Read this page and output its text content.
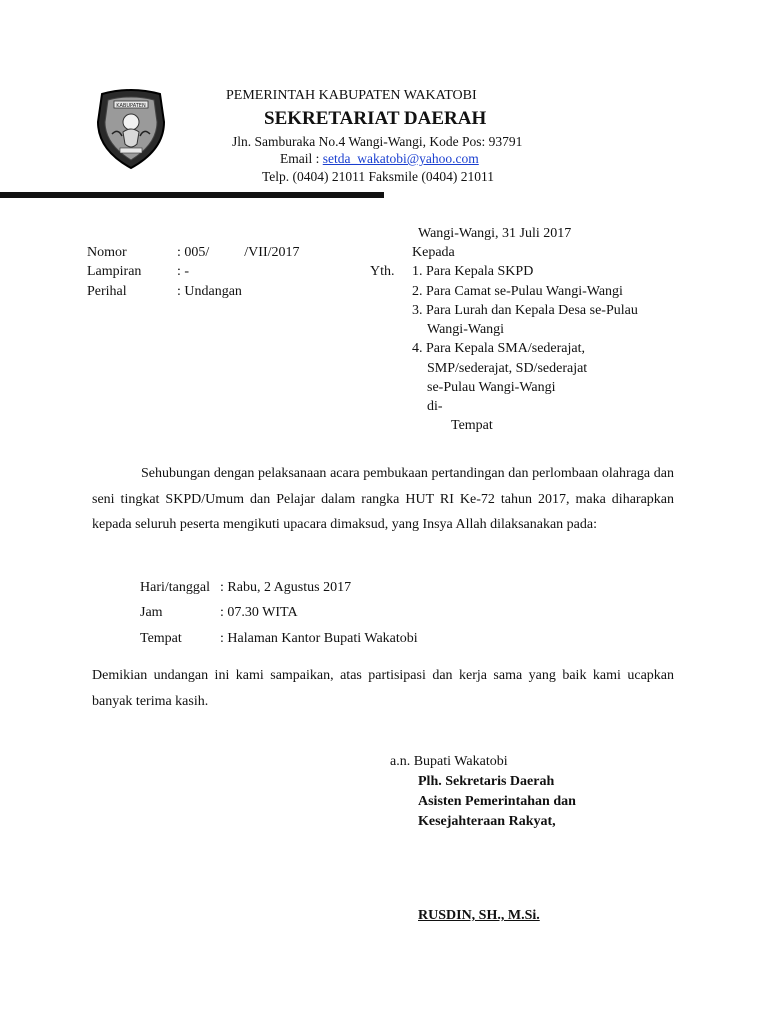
KABUPATEN
PEMERINTAH KABUPATEN WAKATOBI
SEKRETARIAT DAERAH
Jln. Samburaka No.4 Wangi-Wangi, Kode Pos: 93791
Email : setda_wakatobi@yahoo.com
Telp. (0404) 21011 Faksmile (0404) 21011
Wangi-Wangi, 31 Juli 2017
Nomor	: 005/          /VII/2017
Lampiran	: -
Perihal	: Undangan
Kepada
Yth. 1. Para Kepala SKPD
2. Para Camat se-Pulau Wangi-Wangi
3. Para Lurah dan Kepala Desa se-Pulau
Wangi-Wangi
4. Para Kepala SMA/sederajat,
SMP/sederajat, SD/sederajat
se-Pulau Wangi-Wangi
di-
Tempat
Sehubungan dengan pelaksanaan acara pembukaan pertandingan dan perlombaan olahraga dan seni tingkat SKPD/Umum dan Pelajar dalam rangka HUT RI Ke-72 tahun 2017, maka diharapkan kepada seluruh peserta mengikuti upacara dimaksud, yang Insya Allah dilaksanakan pada:
Hari/tanggal : Rabu, 2 Agustus 2017
Jam	: 07.30 WITA
Tempat	: Halaman Kantor Bupati Wakatobi
Demikian undangan ini kami sampaikan, atas partisipasi dan kerja sama yang baik kami ucapkan banyak terima kasih.
a.n. Bupati Wakatobi
Plh. Sekretaris Daerah
Asisten Pemerintahan dan
Kesejahteraan Rakyat,
RUSDIN, SH., M.Si.
